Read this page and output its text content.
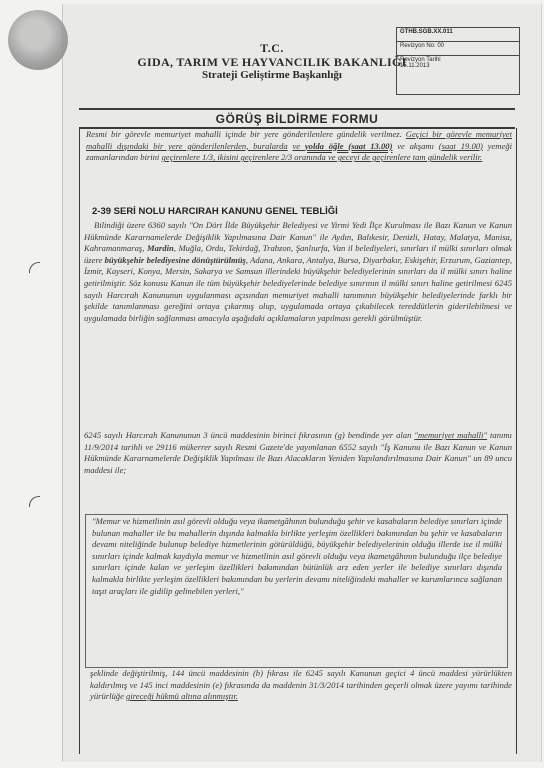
T.C.
GIDA, TARIM VE HAYVANCILIK BAKANLIĞI
Strateji Geliştirme Başkanlığı
GTHB.SGB.XX.011
Revizyon No: 00
Revizyon Tarihi
15.11.2013
GÖRÜŞ BİLDİRME FORMU
Resmi bir görevle memuriyet mahalli içinde bir yere gönderilenlere gündelik verilmez. Geçici bir görevle memuriyet mahalli dışındaki bir yere gönderilenlerden, buralarda ve yolda öğle (saat 13.00) ve akşamı (saat 19.00) yemeği zamanlarından birini geçirenlere 1/3, ikisini geçirenlere 2/3 oranında ve geceyi de geçirenlere tam gündelik verilir.
2-39 SERİ NOLU HARCIRAH KANUNU GENEL TEBLİĞİ
Bilindiği üzere 6360 sayılı "On Dört İlde Büyükşehir Belediyesi ve Yirmi Yedi İlçe Kurulması ile Bazı Kanun ve Kanun Hükmünde Kararnamelerde Değişiklik Yapılmasına Dair Kanun" ile Aydın, Balıkesir, Denizli, Hatay, Malatya, Manisa, Kahramanmaraş, Mardin, Muğla, Ordu, Tekirdağ, Trabzon, Şanlıurfa, Van il belediyeleri, sınırları il mülki sınırları olmak üzere büyükşehir belediyesine dönüştürülmüş, Adana, Ankara, Antalya, Bursa, Diyarbakır, Eskişehir, Erzurum, Gaziantep, İzmir, Kayseri, Konya, Mersin, Sakarya ve Samsun illerindeki büyükşehir belediyelerinin sınırları da il mülki sınırı haline getirilmiştir. Söz konusu Kanun ile tüm büyükşehir belediyelerinde belediye sınırının il mülki sınırı haline getirilmesi 6245 sayılı Harcırah Kanununun uygulanması açısından memuriyet mahalli tanımının büyükşehir belediyelerinde farklı bir şekilde tanımlanması gereğini ortaya çıkarmış olup, uygulamada ortaya çıkabilecek tereddütlerin giderilebilmesi ve uygulamada birliğin sağlanması amacıyla aşağıdaki açıklamaların yapılması gerekli görülmüştür.
6245 sayılı Harcırah Kanununun 3 üncü maddesinin birinci fıkrasının (g) bendinde yer alan "memuriyet mahalli" tanımı 11/9/2014 tarihli ve 29116 mükerrer sayılı Resmi Gazete'de yayımlanan 6552 sayılı "İş Kanunu ile Bazı Kanun ve Kanun Hükmünde Kararnamelerde Değişiklik Yapılması ile Bazı Alacakların Yeniden Yapılandırılmasına Dair Kanun" un 89 uncu maddesi ile;
"Memur ve hizmetlinin asıl görevli olduğu veya ikametgâhının bulunduğu şehir ve kasabaların belediye sınırları içinde bulunan mahaller ile bu mahallerin dışında kalmakla birlikte yerleşim özellikleri bakımından bu şehir ve kasabaların devamı niteliğinde bulunup belediye hizmetlerinin götürüldüğü, büyükşehir belediyelerinin olduğu illerde ise il mülki sınırları içinde kalmak kaydıyla memur ve hizmetlinin asıl görevli olduğu veya ikametgâhının bulunduğu ilçe belediye sınırları içinde kalan ve yerleşim özellikleri bakımından bütünlük arz eden yerler ile belediye sınırları dışında kalmakla birlikte yerleşim özellikleri bakımından bu yerlerin devamı niteliğindeki mahaller ve kurumlarınca sağlanan taşıt araçları ile gidilip gelinebilen yerleri,"
şeklinde değiştirilmiş, 144 üncü maddesinin (b) fıkrası ile 6245 sayılı Kanunun geçici 4 üncü maddesi yürürlükten kaldırılmış ve 145 inci maddesinin (e) fıkrasında da maddenin 31/3/2014 tarihinden geçerli olmak üzere yayımı tarihinde yürürlüğe gireceği hükmü altına alınmıştır.
